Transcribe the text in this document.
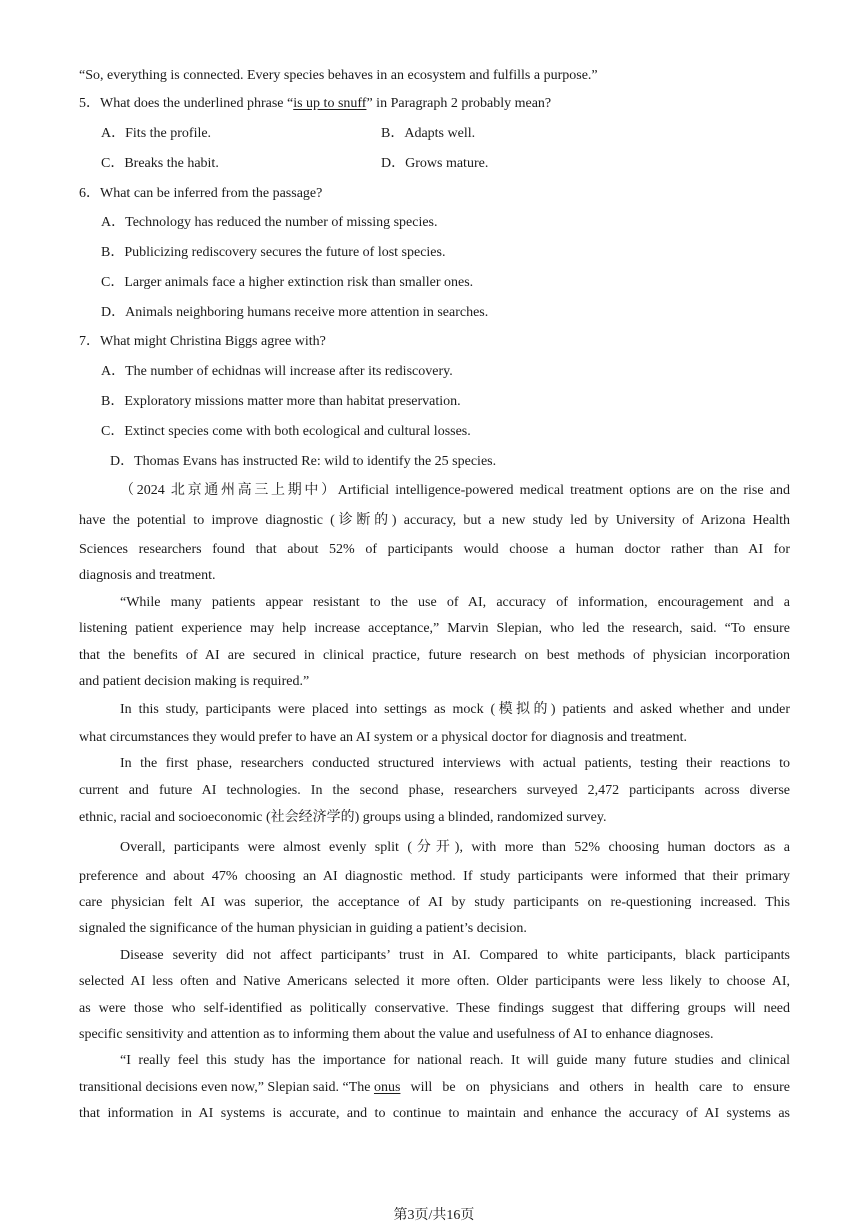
“So, everything is connected. Every species behaves in an ecosystem and fulfills a purpose.”
5．What does the underlined phrase “is up to snuff” in Paragraph 2 probably mean?
A．Fits the profile.	B．Adapts well.
C．Breaks the habit.	D．Grows mature.
6．What can be inferred from the passage?
A．Technology has reduced the number of missing species.
B．Publicizing rediscovery secures the future of lost species.
C．Larger animals face a higher extinction risk than smaller ones.
D．Animals neighboring humans receive more attention in searches.
7．What might Christina Biggs agree with?
A．The number of echidnas will increase after its rediscovery.
B．Exploratory missions matter more than habitat preservation.
C．Extinct species come with both ecological and cultural losses.
D．Thomas Evans has instructed Re: wild to identify the 25 species.
（2024 北京通州高三上期中）Artificial intelligence-powered medical treatment options are on the rise and
have the potential to improve diagnostic (诊断的) accuracy, but a new study led by University of Arizona Health
Sciences researchers found that about 52% of participants would choose a human doctor rather than AI for
diagnosis and treatment.
“While many patients appear resistant to the use of AI, accuracy of information, encouragement and a
listening patient experience may help increase acceptance,” Marvin Slepian, who led the research, said. “To ensure
that the benefits of AI are secured in clinical practice, future research on best methods of physician incorporation
and patient decision making is required.”
In this study, participants were placed into settings as mock (模拟的) patients and asked whether and under
what circumstances they would prefer to have an AI system or a physical doctor for diagnosis and treatment.
In the first phase, researchers conducted structured interviews with actual patients, testing their reactions to
current and future AI technologies. In the second phase, researchers surveyed 2,472 participants across diverse
ethnic, racial and socioeconomic (社会经济学的) groups using a blinded, randomized survey.
Overall, participants were almost evenly split (分开), with more than 52% choosing human doctors as a
preference and about 47% choosing an AI diagnostic method. If study participants were informed that their primary
care physician felt AI was superior, the acceptance of AI by study participants on re-questioning increased. This
signaled the significance of the human physician in guiding a patient’s decision.
Disease severity did not affect participants’ trust in AI. Compared to white participants, black participants
selected AI less often and Native Americans selected it more often. Older participants were less likely to choose AI,
as were those who self-identified as politically conservative. These findings suggest that differing groups will need
specific sensitivity and attention as to informing them about the value and usefulness of AI to enhance diagnoses.
“I really feel this study has the importance for national reach. It will guide many future studies and clinical
transitional decisions even now,” Slepian said. “The onus will be on physicians and others in health care to ensure
that information in AI systems is accurate, and to continue to maintain and enhance the accuracy of AI systems as
第3页/共16页
